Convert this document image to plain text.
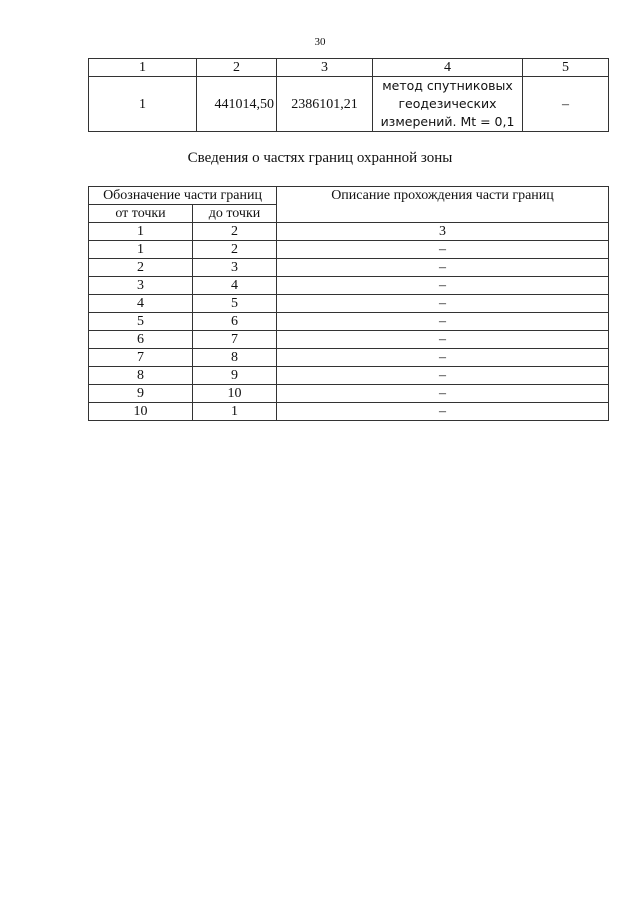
30
1	2	3	4	5
1	441014,50	2386101,21	метод спутниковых геодезических измерений. Mt = 0,1	–
Сведения о частях границ охранной зоны
Обозначение части границ		Описание прохождения части границ
от точки	до точки	
1	2	3
1	2	–
2	3	–
3	4	–
4	5	–
5	6	–
6	7	–
7	8	–
8	9	–
9	10	–
10	1	–
